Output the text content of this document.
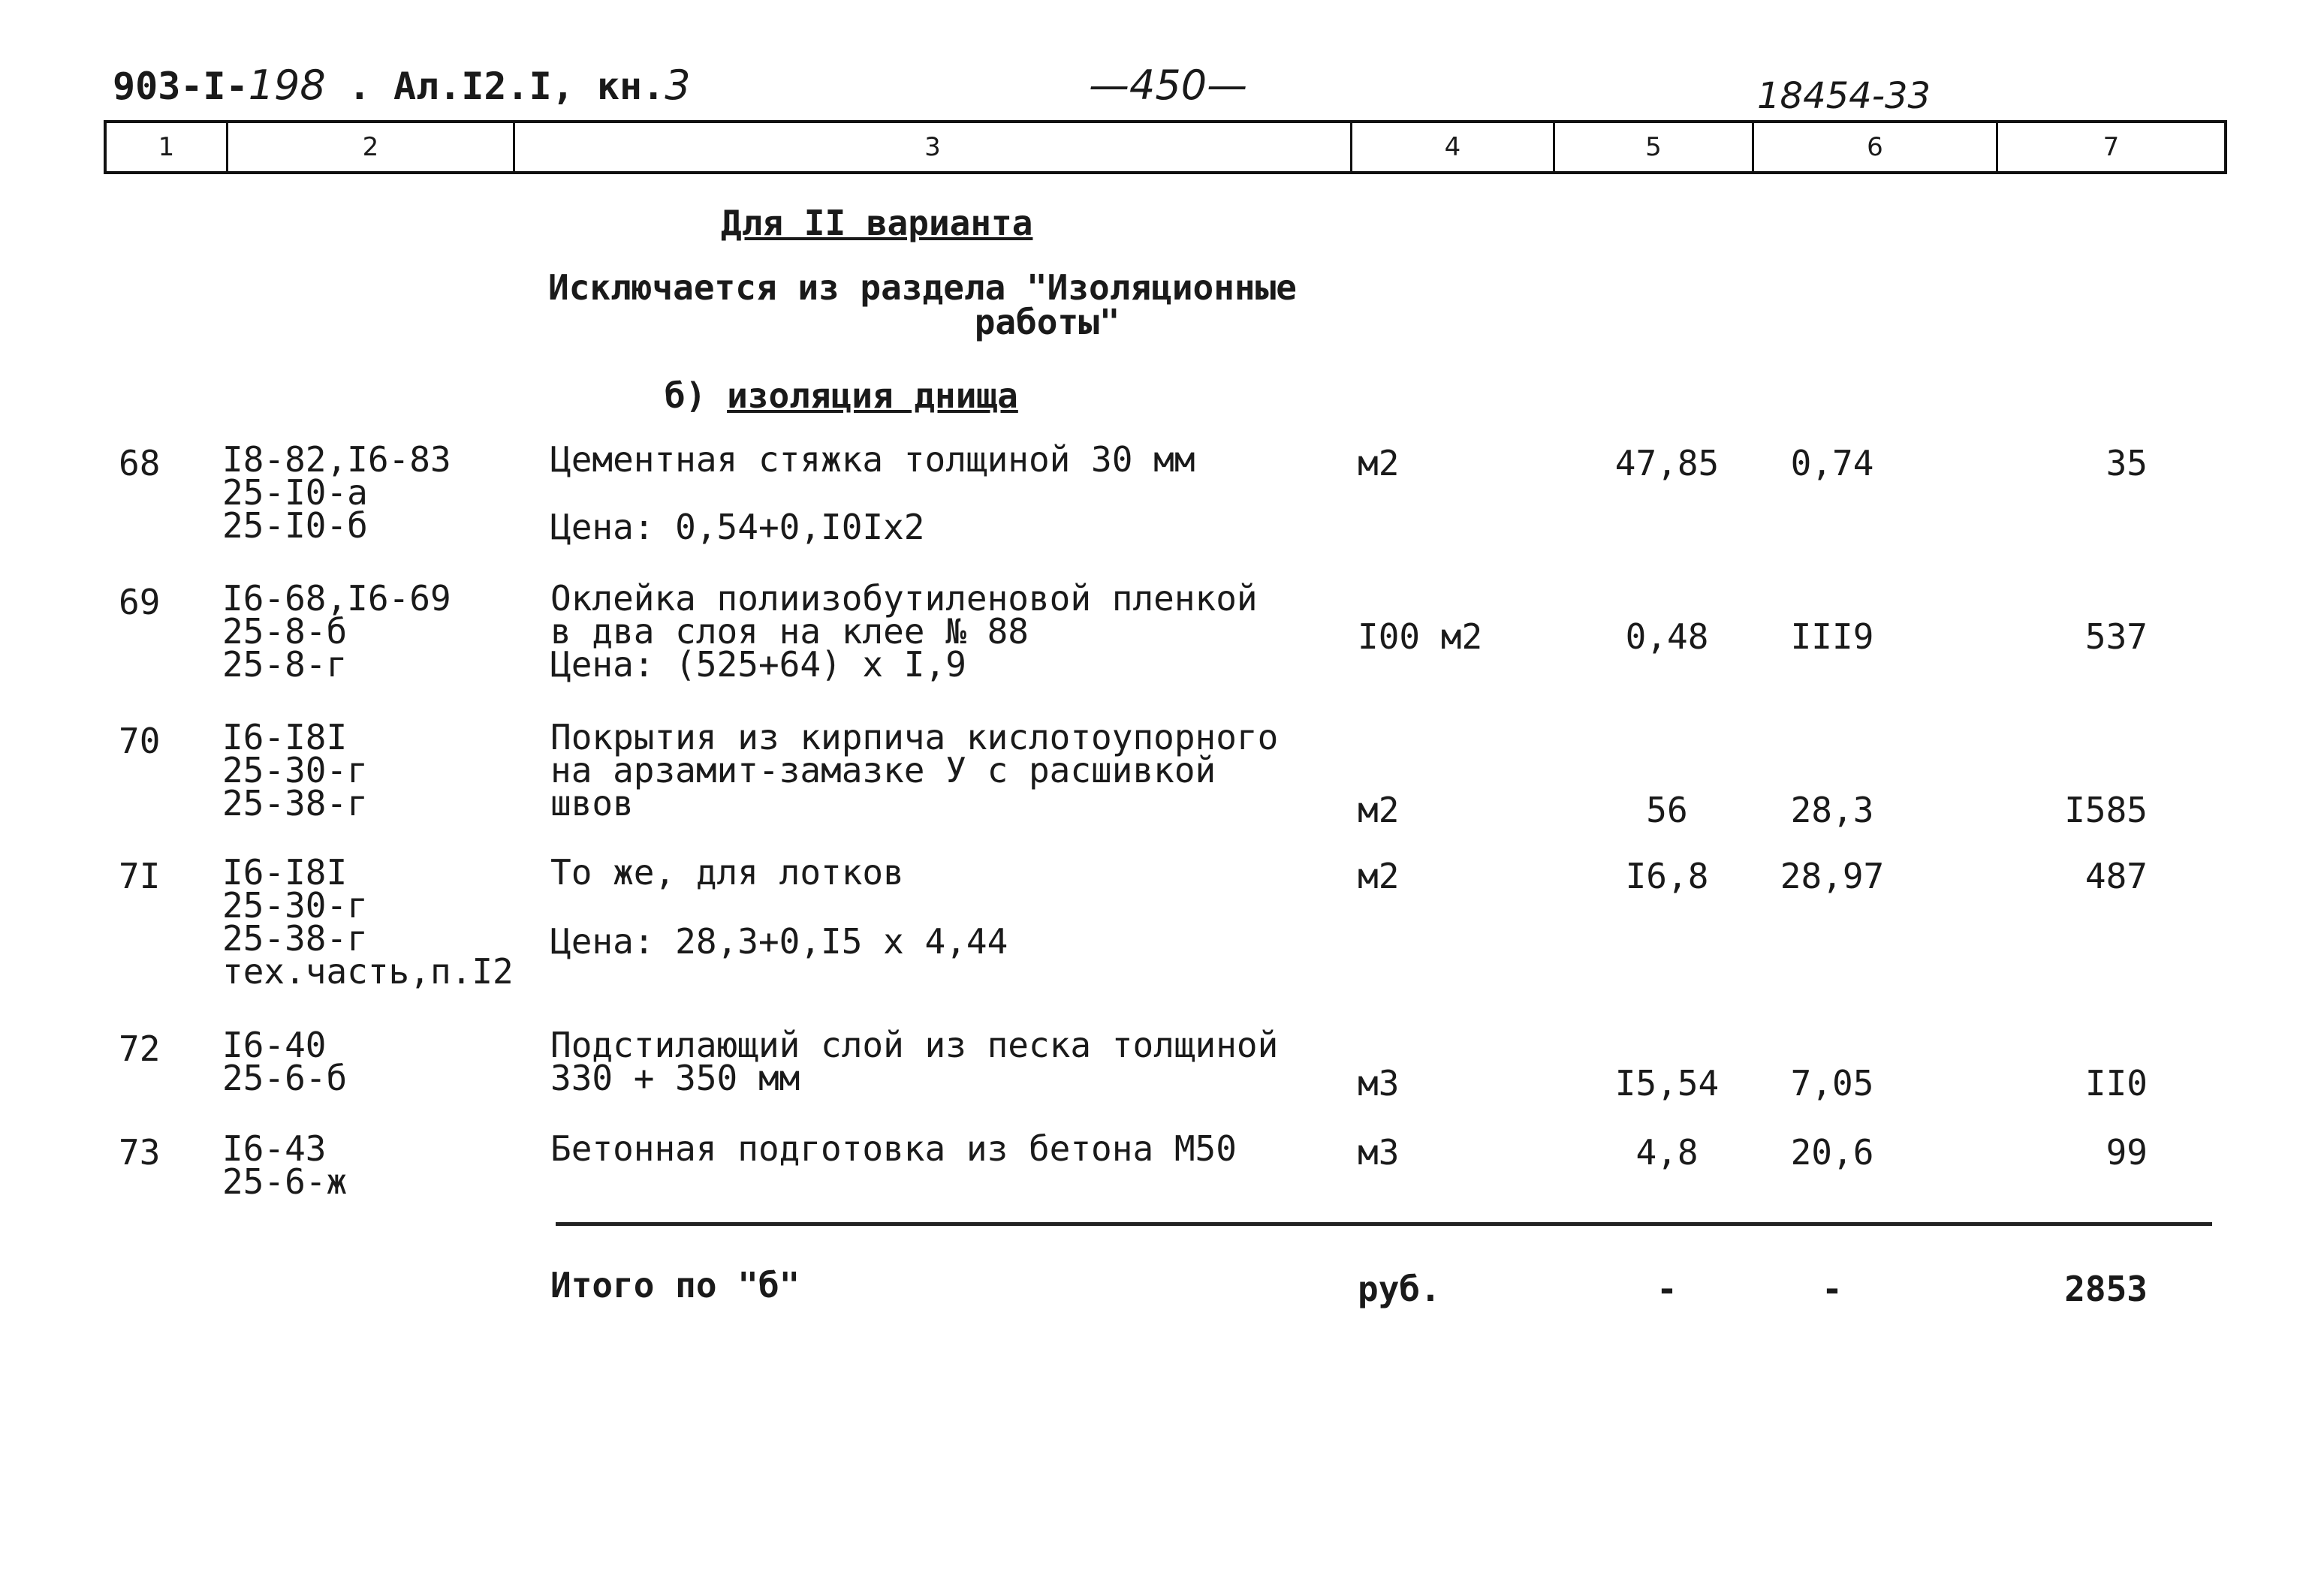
903-I-198 . Ал.I2.I, кн.3	—450—	18454-33
1	2	3	4	5	6	7
Для II варианта
Исключается из раздела "Изоляционные
работы"
б) изоляция днища
68 I8-82,I6-83
25-I0-а
25-I0-б
Цементная стяжка толщиной 30 мм
Цена: 0,54+0,I0Iх2
м2	47,85	0,74	35
69 I6-68,I6-69
25-8-б
25-8-г
Оклейка полиизобутиленовой пленкой
в два слоя на клее № 88
Цена: (525+64) х I,9
I00 м2	0,48	III9	537
70 I6-I8I
25-30-г
25-38-г
Покрытия из кирпича кислотоупорного
на арзамит-замазке У с расшивкой
швов	м2	56	28,3	I585
7I I6-I8I
25-30-г
25-38-г
тех.часть,п.I2
То же, для лотков
Цена: 28,3+0,I5 х 4,44
м2	I6,8	28,97	487
72 I6-40
25-6-б
Подстилающий слой из песка толщиной
330 + 350 мм	м3	I5,54	7,05	II0
73 I6-43
25-6-ж
Бетонная подготовка из бетона М50	м3	4,8	20,6	99
Итого по "б"	руб.	-	-	2853
